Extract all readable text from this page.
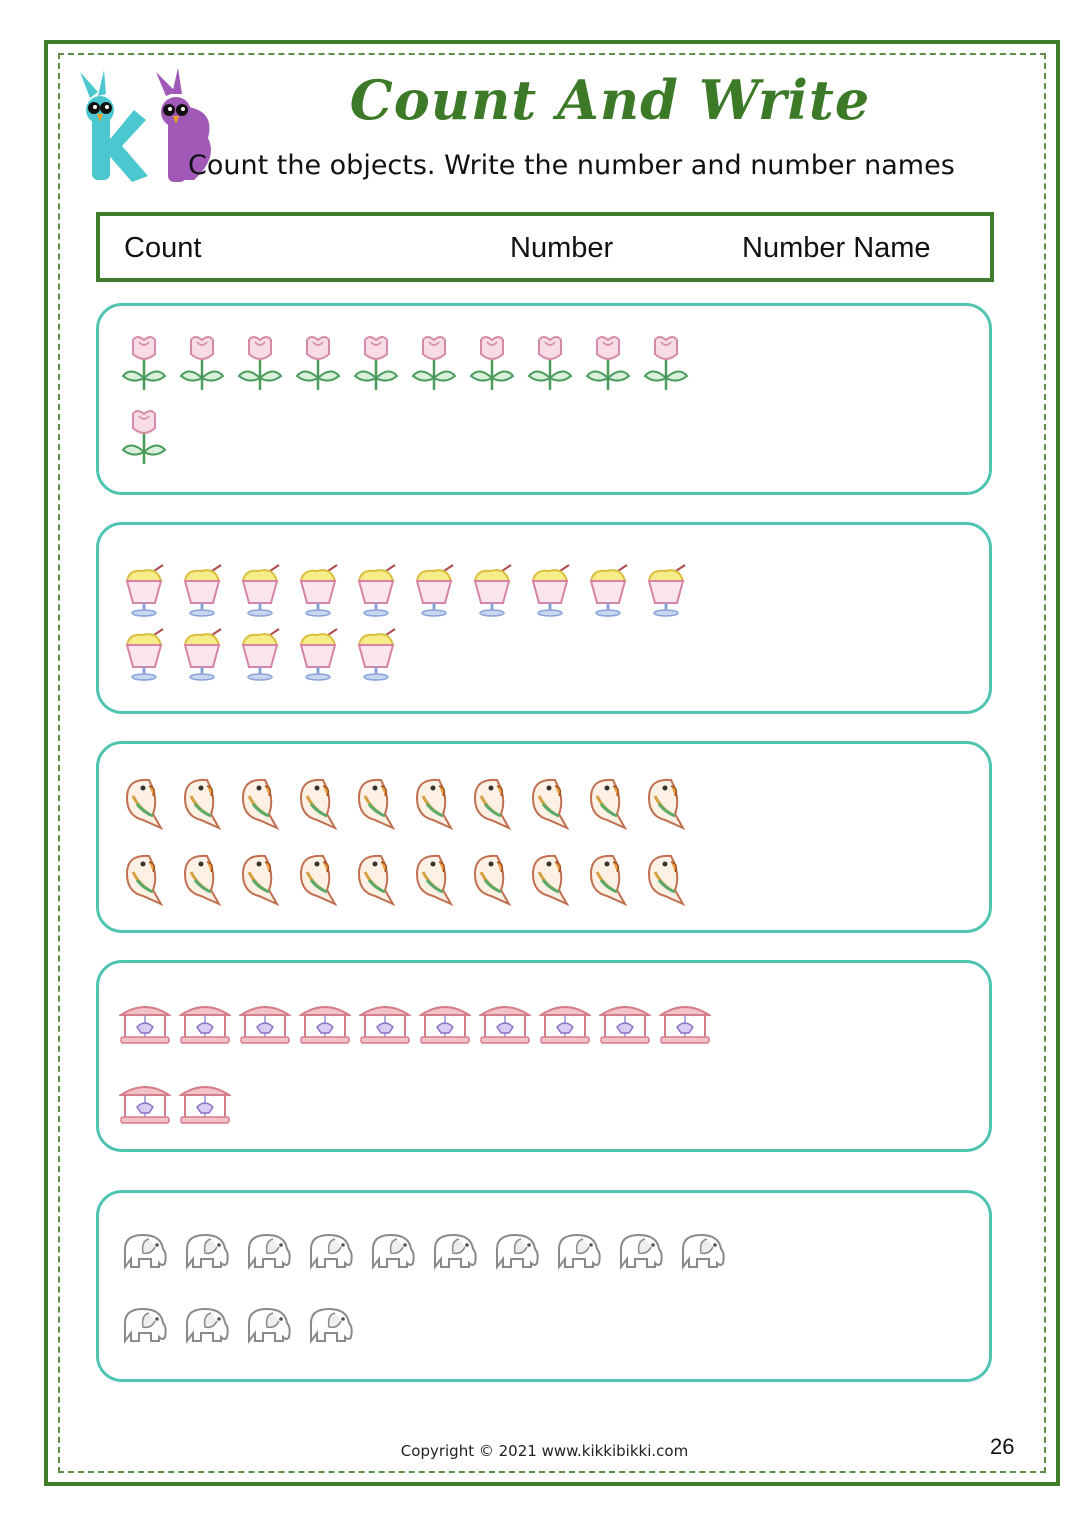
Count And Write
Count the objects. Write the number and number names
Count	Number	Number Name
Copyright © 2021 www.kikkibikki.com	26
